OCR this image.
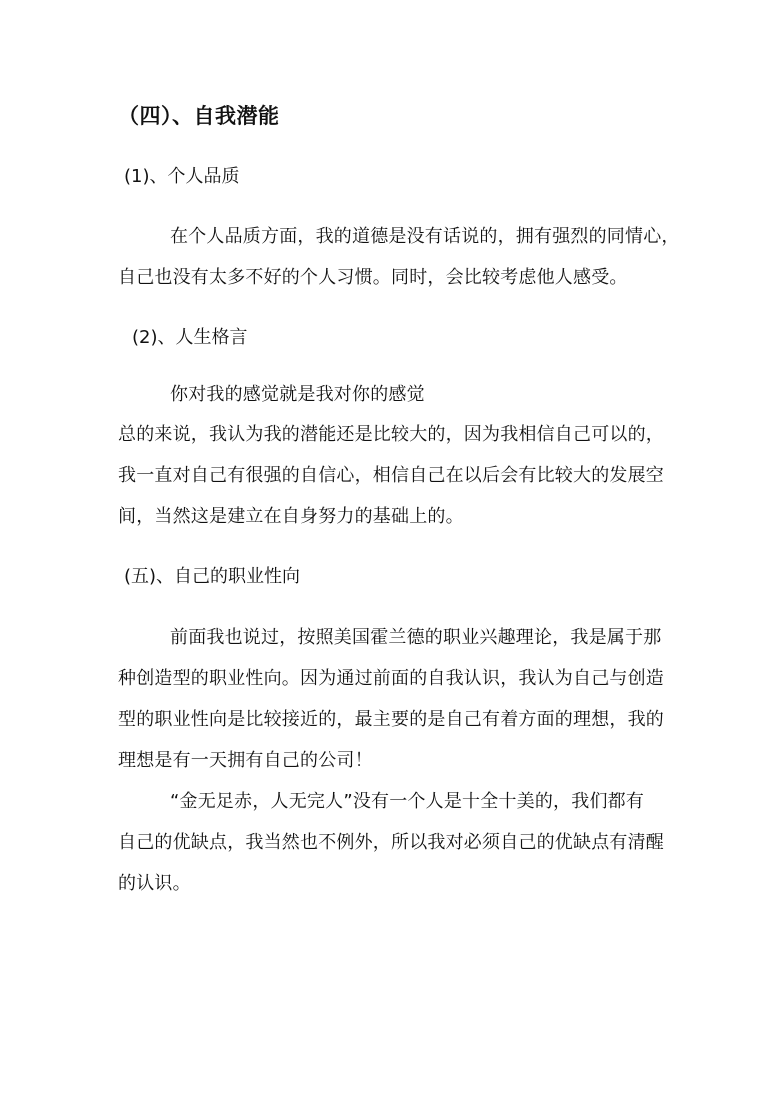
（四）、自我潜能
(1)、个人品质
在个人品质方面，我的道德是没有话说的，拥有强烈的同情心，
自己也没有太多不好的个人习惯。同时，会比较考虑他人感受。
(2)、人生格言
你对我的感觉就是我对你的感觉
总的来说，我认为我的潜能还是比较大的，因为我相信自己可以的，
我一直对自己有很强的自信心，相信自己在以后会有比较大的发展空
间，当然这是建立在自身努力的基础上的。
(五)、自己的职业性向
前面我也说过，按照美国霍兰德的职业兴趣理论，我是属于那
种创造型的职业性向。因为通过前面的自我认识，我认为自己与创造
型的职业性向是比较接近的，最主要的是自己有着方面的理想，我的
理想是有一天拥有自己的公司！
“金无足赤，人无完人”没有一个人是十全十美的，我们都有
自己的优缺点，我当然也不例外，所以我对必须自己的优缺点有清醒
的认识。
